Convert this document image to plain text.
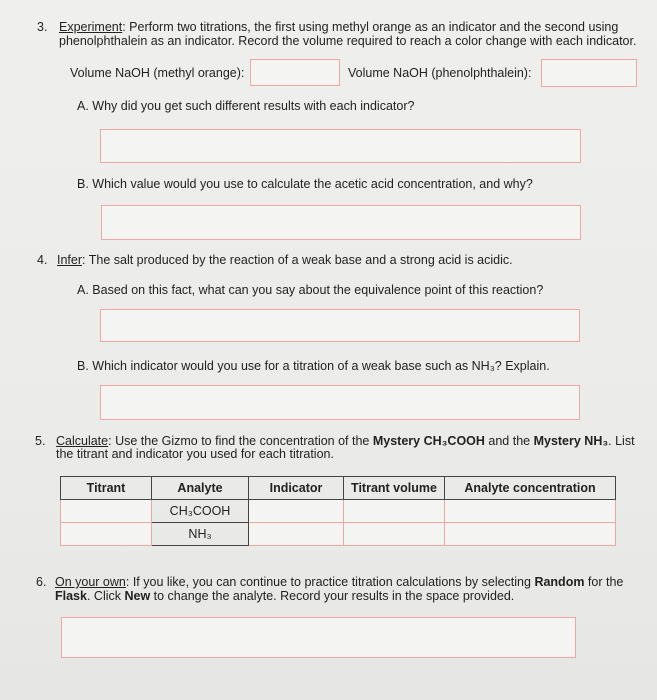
3. Experiment: Perform two titrations, the first using methyl orange as an indicator and the second using
phenolphthalein as an indicator. Record the volume required to reach a color change with each indicator.
Volume NaOH (methyl orange):	Volume NaOH (phenolphthalein):
A. Why did you get such different results with each indicator?
B. Which value would you use to calculate the acetic acid concentration, and why?
4. Infer: The salt produced by the reaction of a weak base and a strong acid is acidic.
A. Based on this fact, what can you say about the equivalence point of this reaction?
B. Which indicator would you use for a titration of a weak base such as NH₃? Explain.
5. Calculate: Use the Gizmo to find the concentration of the Mystery CH₃COOH and the Mystery NH₃. List
the titrant and indicator you used for each titration.
Titrant	Analyte	Indicator	Titrant volume	Analyte concentration
	CH₃COOH			
	NH₃			
6. On your own: If you like, you can continue to practice titration calculations by selecting Random for the
Flask. Click New to change the analyte. Record your results in the space provided.
